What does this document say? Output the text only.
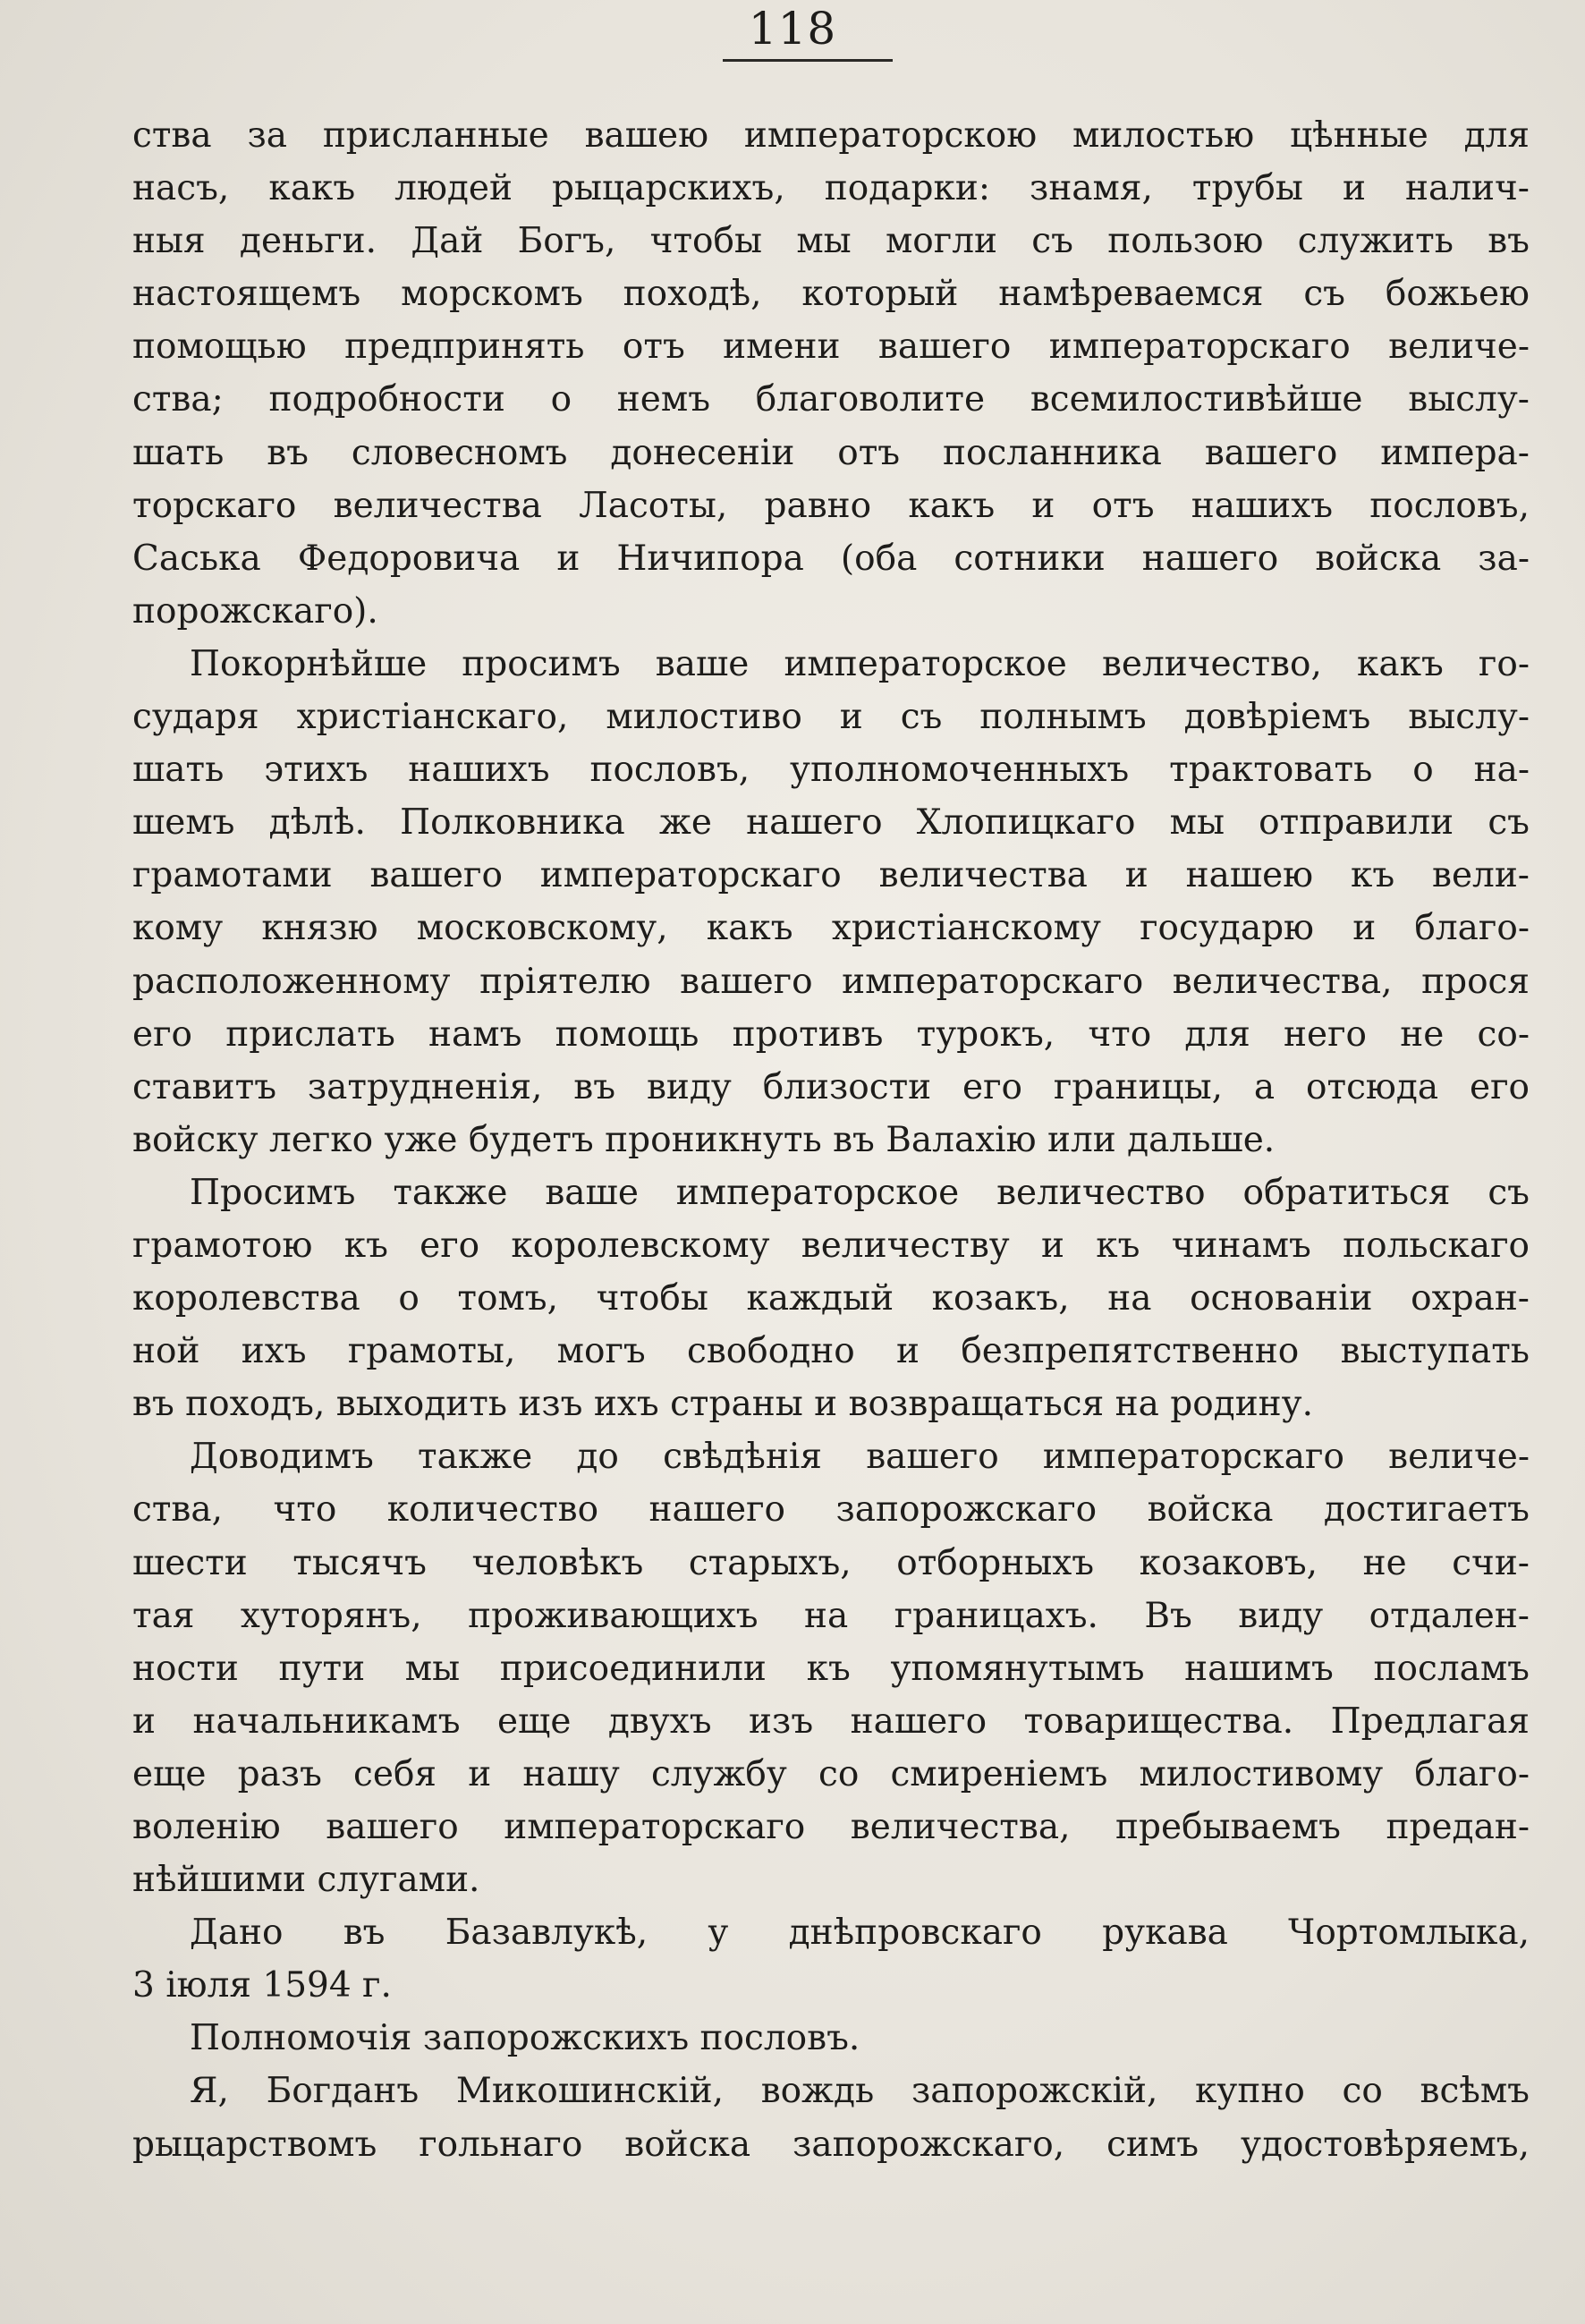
118
ства за присланные вашею императорскою милостью цѣнные для
насъ, какъ людей рыцарскихъ, подарки: знамя, трубы и налич-
ныя деньги. Дай Богъ, чтобы мы могли съ пользою служить въ
настоящемъ морскомъ походѣ, который намѣреваемся съ божьею
помощью предпринять отъ имени вашего императорскаго величе-
ства; подробности о немъ благоволите всемилостивѣйше выслу-
шать въ словесномъ донесеніи отъ посланника вашего импера-
торскаго величества Ласоты, равно какъ и отъ нашихъ пословъ,
Саська Федоровича и Ничипора (оба сотники нашего войска за-
порожскаго).
Покорнѣйше просимъ ваше императорское величество, какъ го-
сударя христіанскаго, милостиво и съ полнымъ довѣріемъ выслу-
шать этихъ нашихъ пословъ, уполномоченныхъ трактовать о на-
шемъ дѣлѣ. Полковника же нашего Хлопицкаго мы отправили съ
грамотами вашего императорскаго величества и нашею къ вели-
кому князю московскому, какъ христіанскому государю и благо-
расположенному пріятелю вашего императорскаго величества, прося
его прислать намъ помощь противъ турокъ, что для него не со-
ставитъ затрудненія, въ виду близости его границы, а отсюда его
войску легко уже будетъ проникнуть въ Валахію или дальше.
Просимъ также ваше императорское величество обратиться съ
грамотою къ его королевскому величеству и къ чинамъ польскаго
королевства о томъ, чтобы каждый козакъ, на основаніи охран-
ной ихъ грамоты, могъ свободно и безпрепятственно выступать
въ походъ, выходить изъ ихъ страны и возвращаться на родину.
Доводимъ также до свѣдѣнія вашего императорскаго величе-
ства, что количество нашего запорожскаго войска достигаетъ
шести тысячъ человѣкъ старыхъ, отборныхъ козаковъ, не счи-
тая хуторянъ, проживающихъ на границахъ. Въ виду отдален-
ности пути мы присоединили къ упомянутымъ нашимъ посламъ
и начальникамъ еще двухъ изъ нашего товарищества. Предлагая
еще разъ себя и нашу службу со смиреніемъ милостивому благо-
воленію вашего императорскаго величества, пребываемъ предан-
нѣйшими слугами.
Дано въ Базавлукѣ, у днѣпровскаго рукава Чортомлыка,
3 іюля 1594 г.
Полномочія запорожскихъ пословъ.
Я, Богданъ Микошинскій, вождь запорожскій, купно со всѣмъ
рыцарствомъ гольнаго войска запорожскаго, симъ удостовѣряемъ,
